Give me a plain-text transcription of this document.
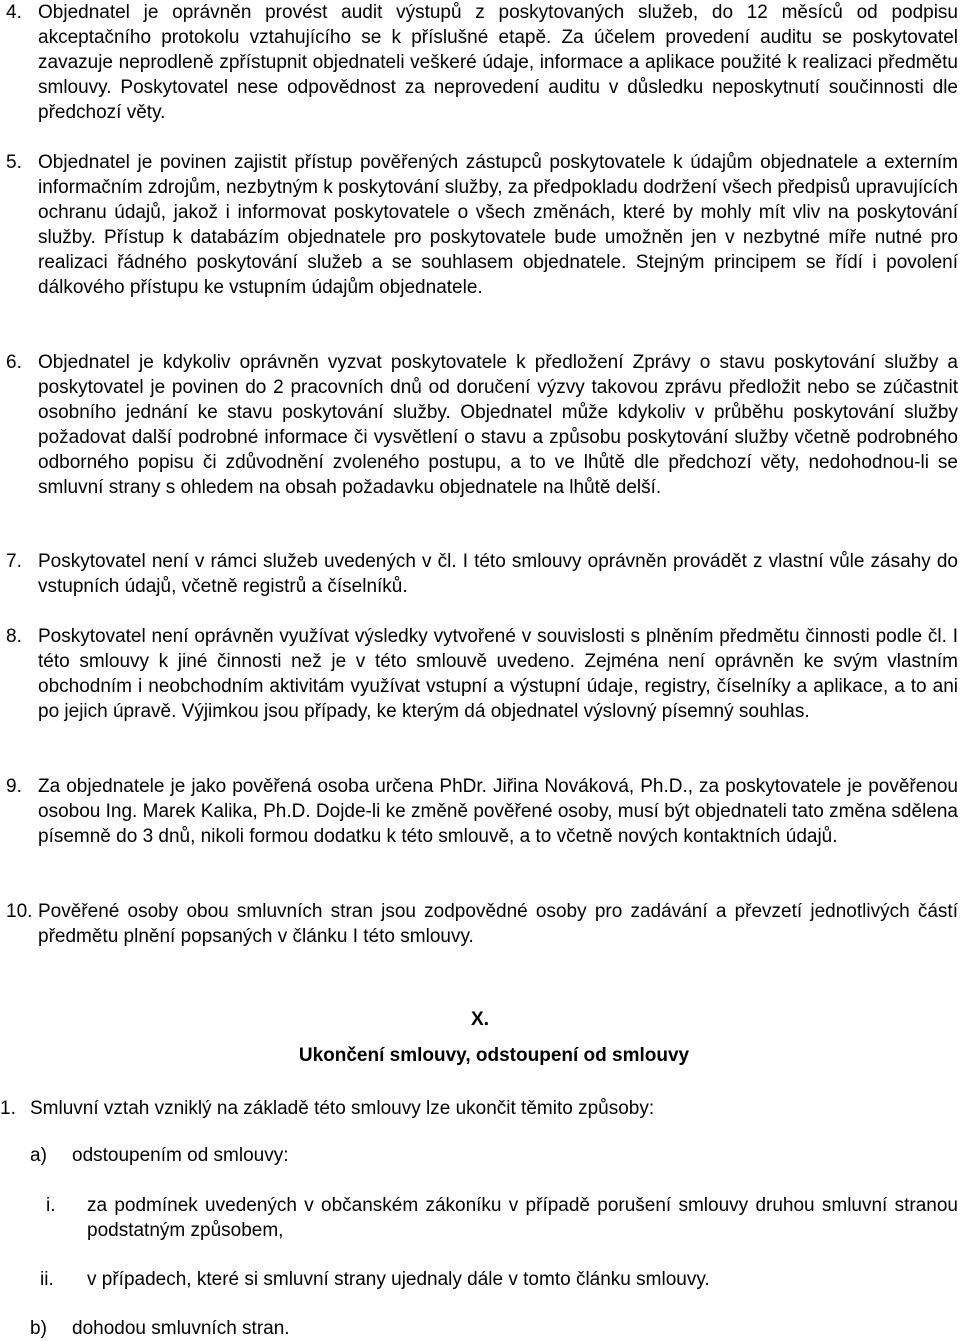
4. Objednatel je oprávněn provést audit výstupů z poskytovaných služeb, do 12 měsíců od podpisu akceptačního protokolu vztahujícího se k příslušné etapě. Za účelem provedení auditu se poskytovatel zavazuje neprodleně zpřístupnit objednateli veškeré údaje, informace a aplikace použité k realizaci předmětu smlouvy. Poskytovatel nese odpovědnost za neprovedení auditu v důsledku neposkytnutí součinnosti dle předchozí věty.
5. Objednatel je povinen zajistit přístup pověřených zástupců poskytovatele k údajům objednatele a externím informačním zdrojům, nezbytným k poskytování služby, za předpokladu dodržení všech předpisů upravujících ochranu údajů, jakož i informovat poskytovatele o všech změnách, které by mohly mít vliv na poskytování služby. Přístup k databázím objednatele pro poskytovatele bude umožněn jen v nezbytné míře nutné pro realizaci řádného poskytování služeb a se souhlasem objednatele. Stejným principem se řídí i povolení dálkového přístupu ke vstupním údajům objednatele.
6. Objednatel je kdykoliv oprávněn vyzvat poskytovatele k předložení Zprávy o stavu poskytování služby a poskytovatel je povinen do 2 pracovních dnů od doručení výzvy takovou zprávu předložit nebo se zúčastnit osobního jednání ke stavu poskytování služby. Objednatel může kdykoliv v průběhu poskytování služby požadovat další podrobné informace či vysvětlení o stavu a způsobu poskytování služby včetně podrobného odborného popisu či zdůvodnění zvoleného postupu, a to ve lhůtě dle předchozí věty, nedohodnou-li se smluvní strany s ohledem na obsah požadavku objednatele na lhůtě delší.
7. Poskytovatel není v rámci služeb uvedených v čl. I této smlouvy oprávněn provádět z vlastní vůle zásahy do vstupních údajů, včetně registrů a číselníků.
8. Poskytovatel není oprávněn využívat výsledky vytvořené v souvislosti s plněním předmětu činnosti podle čl. I této smlouvy k jiné činnosti než je v této smlouvě uvedeno. Zejména není oprávněn ke svým vlastním obchodním i neobchodním aktivitám využívat vstupní a výstupní údaje, registry, číselníky a aplikace, a to ani po jejich úpravě. Výjimkou jsou případy, ke kterým dá objednatel výslovný písemný souhlas.
9. Za objednatele je jako pověřená osoba určena PhDr. Jiřina Nováková, Ph.D., za poskytovatele je pověřenou osobou Ing. Marek Kalika, Ph.D. Dojde-li ke změně pověřené osoby, musí být objednateli tato změna sdělena písemně do 3 dnů, nikoli formou dodatku k této smlouvě, a to včetně nových kontaktních údajů.
10. Pověřené osoby obou smluvních stran jsou zodpovědné osoby pro zadávání a převzetí jednotlivých částí předmětu plnění popsaných v článku I této smlouvy.
X.
Ukončení smlouvy, odstoupení od smlouvy
1. Smluvní vztah vzniklý na základě této smlouvy lze ukončit těmito způsoby:
a) odstoupením od smlouvy:
i. za podmínek uvedených v občanském zákoníku v případě porušení smlouvy druhou smluvní stranou podstatným způsobem,
ii. v případech, které si smluvní strany ujednaly dále v tomto článku smlouvy.
b) dohodou smluvních stran.
